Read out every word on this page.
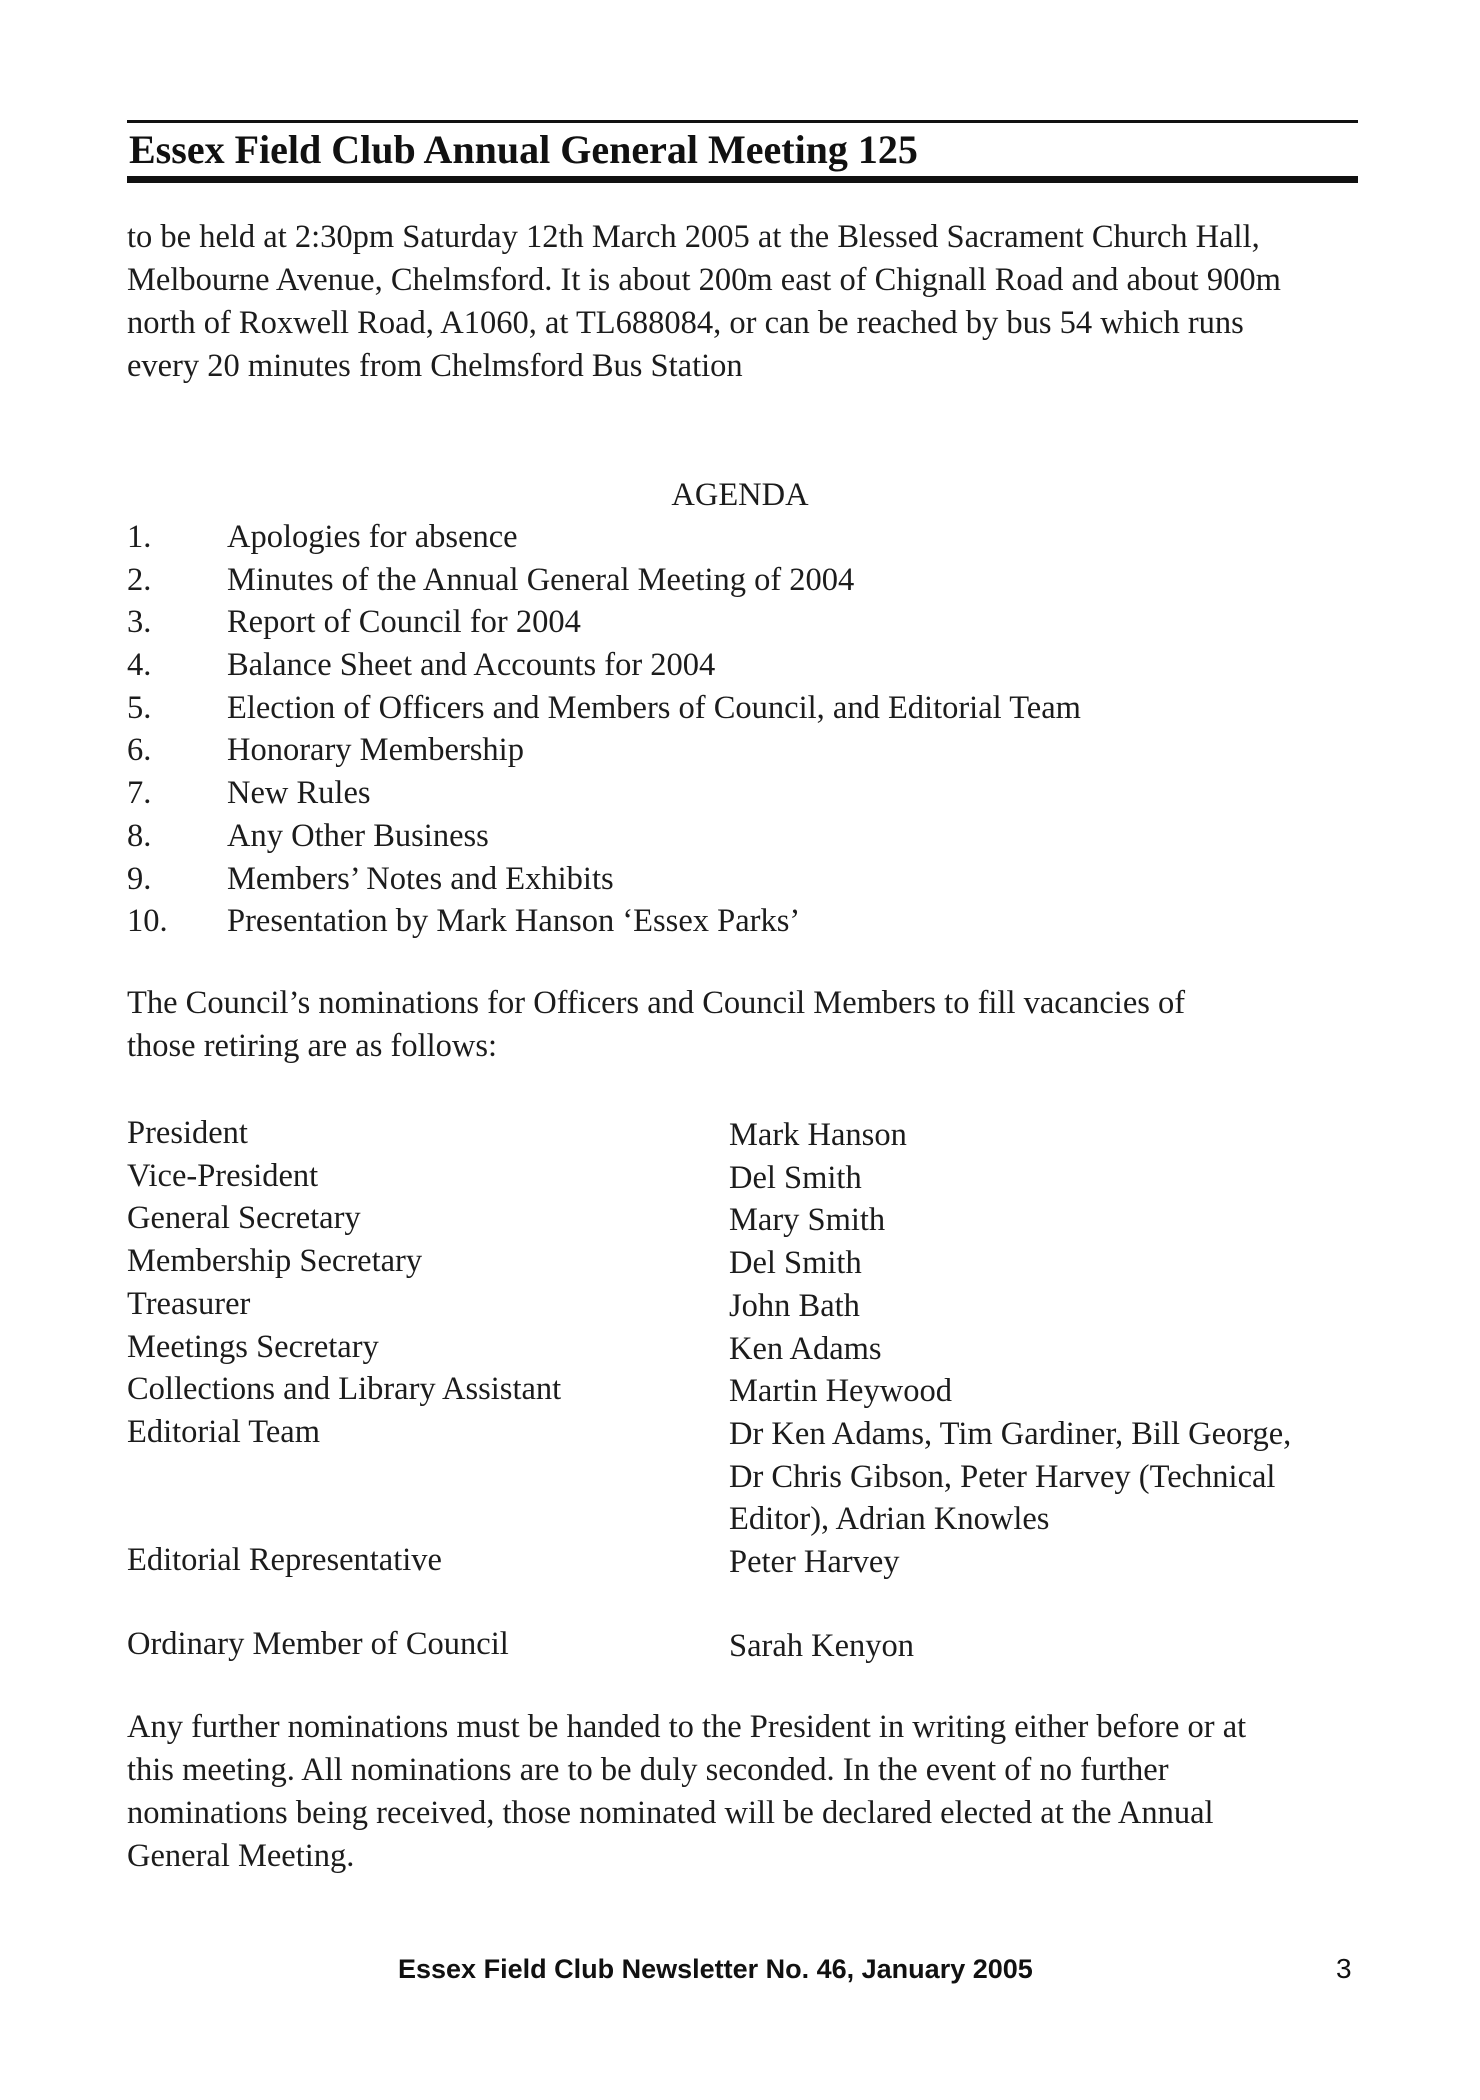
Essex Field Club Annual General Meeting 125
to be held at 2:30pm Saturday 12th March 2005 at the Blessed Sacrament Church Hall,
Melbourne Avenue, Chelmsford. It is about 200m east of Chignall Road and about 900m
north of Roxwell Road, A1060, at TL688084, or can be reached by bus 54 which runs
every 20 minutes from Chelmsford Bus Station
AGENDA
1. Apologies for absence
2. Minutes of the Annual General Meeting of 2004
3. Report of Council for 2004
4. Balance Sheet and Accounts for 2004
5. Election of Officers and Members of Council, and Editorial Team
6. Honorary Membership
7. New Rules
8. Any Other Business
9. Members’ Notes and Exhibits
10. Presentation by Mark Hanson ‘Essex Parks’
The Council’s nominations for Officers and Council Members to fill vacancies of
those retiring are as follows:
President
Vice-President
General Secretary
Membership Secretary
Treasurer
Meetings Secretary
Collections and Library Assistant
Editorial Team
Editorial Representative
Ordinary Member of Council
Mark Hanson
Del Smith
Mary Smith
Del Smith
John Bath
Ken Adams
Martin Heywood
Dr Ken Adams, Tim Gardiner, Bill George,
Dr Chris Gibson, Peter Harvey (Technical
Editor), Adrian Knowles
Peter Harvey
Sarah Kenyon
Any further nominations must be handed to the President in writing either before or at
this meeting. All nominations are to be duly seconded. In the event of no further
nominations being received, those nominated will be declared elected at the Annual
General Meeting.
Essex Field Club Newsletter No. 46, January 2005	3
